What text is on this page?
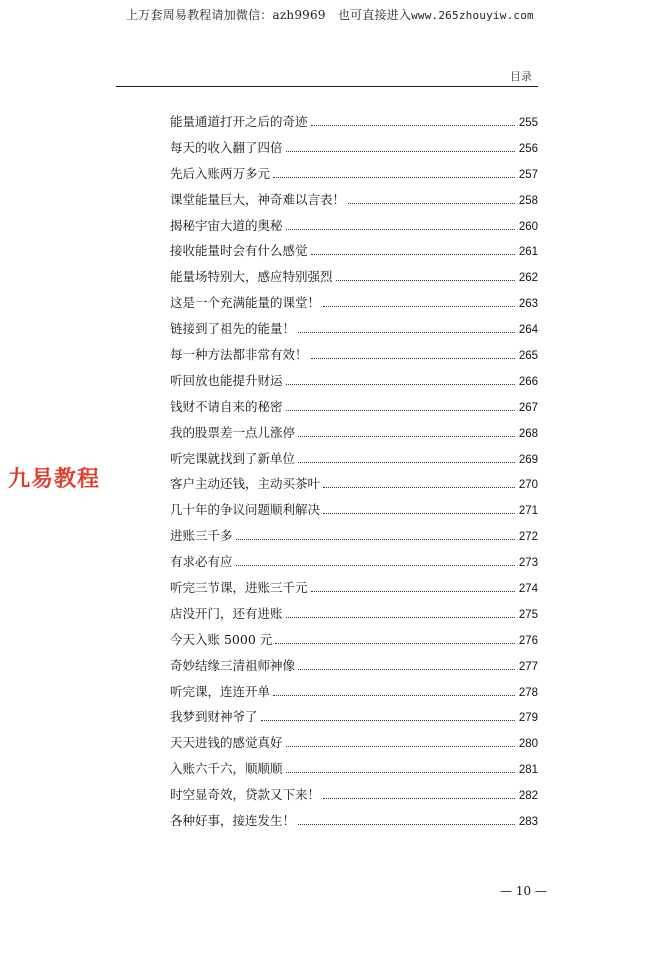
上万套周易教程请加微信：azh9969　也可直接进入www.265zhouyiw.com
目录
九易教程
能量通道打开之后的奇迹	255
每天的收入翻了四倍	256
先后入账两万多元	257
课堂能量巨大，神奇难以言表！	258
揭秘宇宙大道的奥秘	260
接收能量时会有什么感觉	261
能量场特别大，感应特别强烈	262
这是一个充满能量的课堂！	263
链接到了祖先的能量！	264
每一种方法都非常有效！	265
听回放也能提升财运	266
钱财不请自来的秘密	267
我的股票差一点儿涨停	268
听完课就找到了新单位	269
客户主动还钱，主动买茶叶	270
几十年的争议问题顺利解决	271
进账三千多	272
有求必有应	273
听完三节课，进账三千元	274
店没开门，还有进账	275
今天入账 5000 元	276
奇妙结缘三清祖师神像	277
听完课，连连开单	278
我梦到财神爷了	279
天天进钱的感觉真好	280
入账六千六，顺顺顺	281
时空显奇效，贷款又下来！	282
各种好事，接连发生！	283
— 10 —
